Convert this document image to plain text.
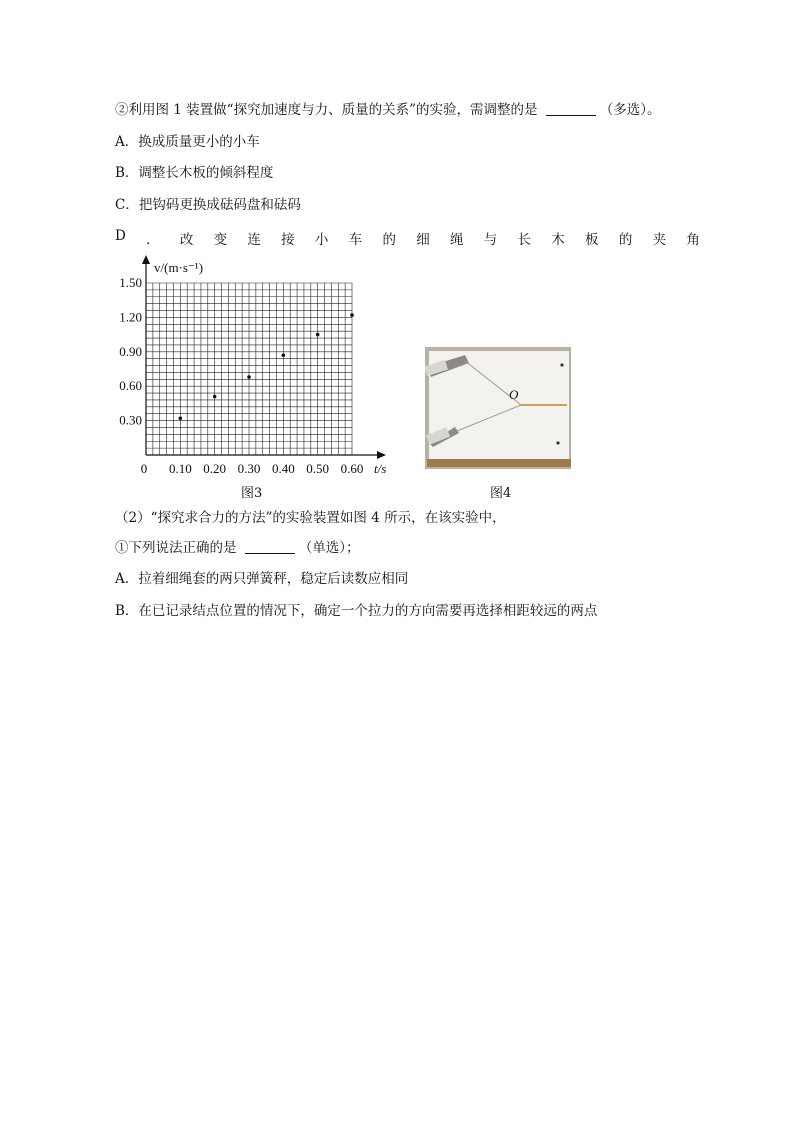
②利用图 1 装置做“探究加速度与力、质量的关系”的实验，需调整的是	（多选）。
A．换成质量更小的小车
B．调整长木板的倾斜程度
C．把钩码更换成砝码盘和砝码
D ． 改 变 连 接 小 车 的 细 绳 与 长 木 板 的 夹 角
0 0.10 0.20 0.30 0.40 0.50 0.60
0.30
0.60
0.90
1.20
1.50
v/(m·s⁻¹)
t/s
图3
O
图4
（2）“探究求合力的方法”的实验装置如图 4 所示，在该实验中，
①下列说法正确的是	（单选）；
A．拉着细绳套的两只弹簧秤，稳定后读数应相同
B．在已记录结点位置的情况下，确定一个拉力的方向需要再选择相距较远的两点
